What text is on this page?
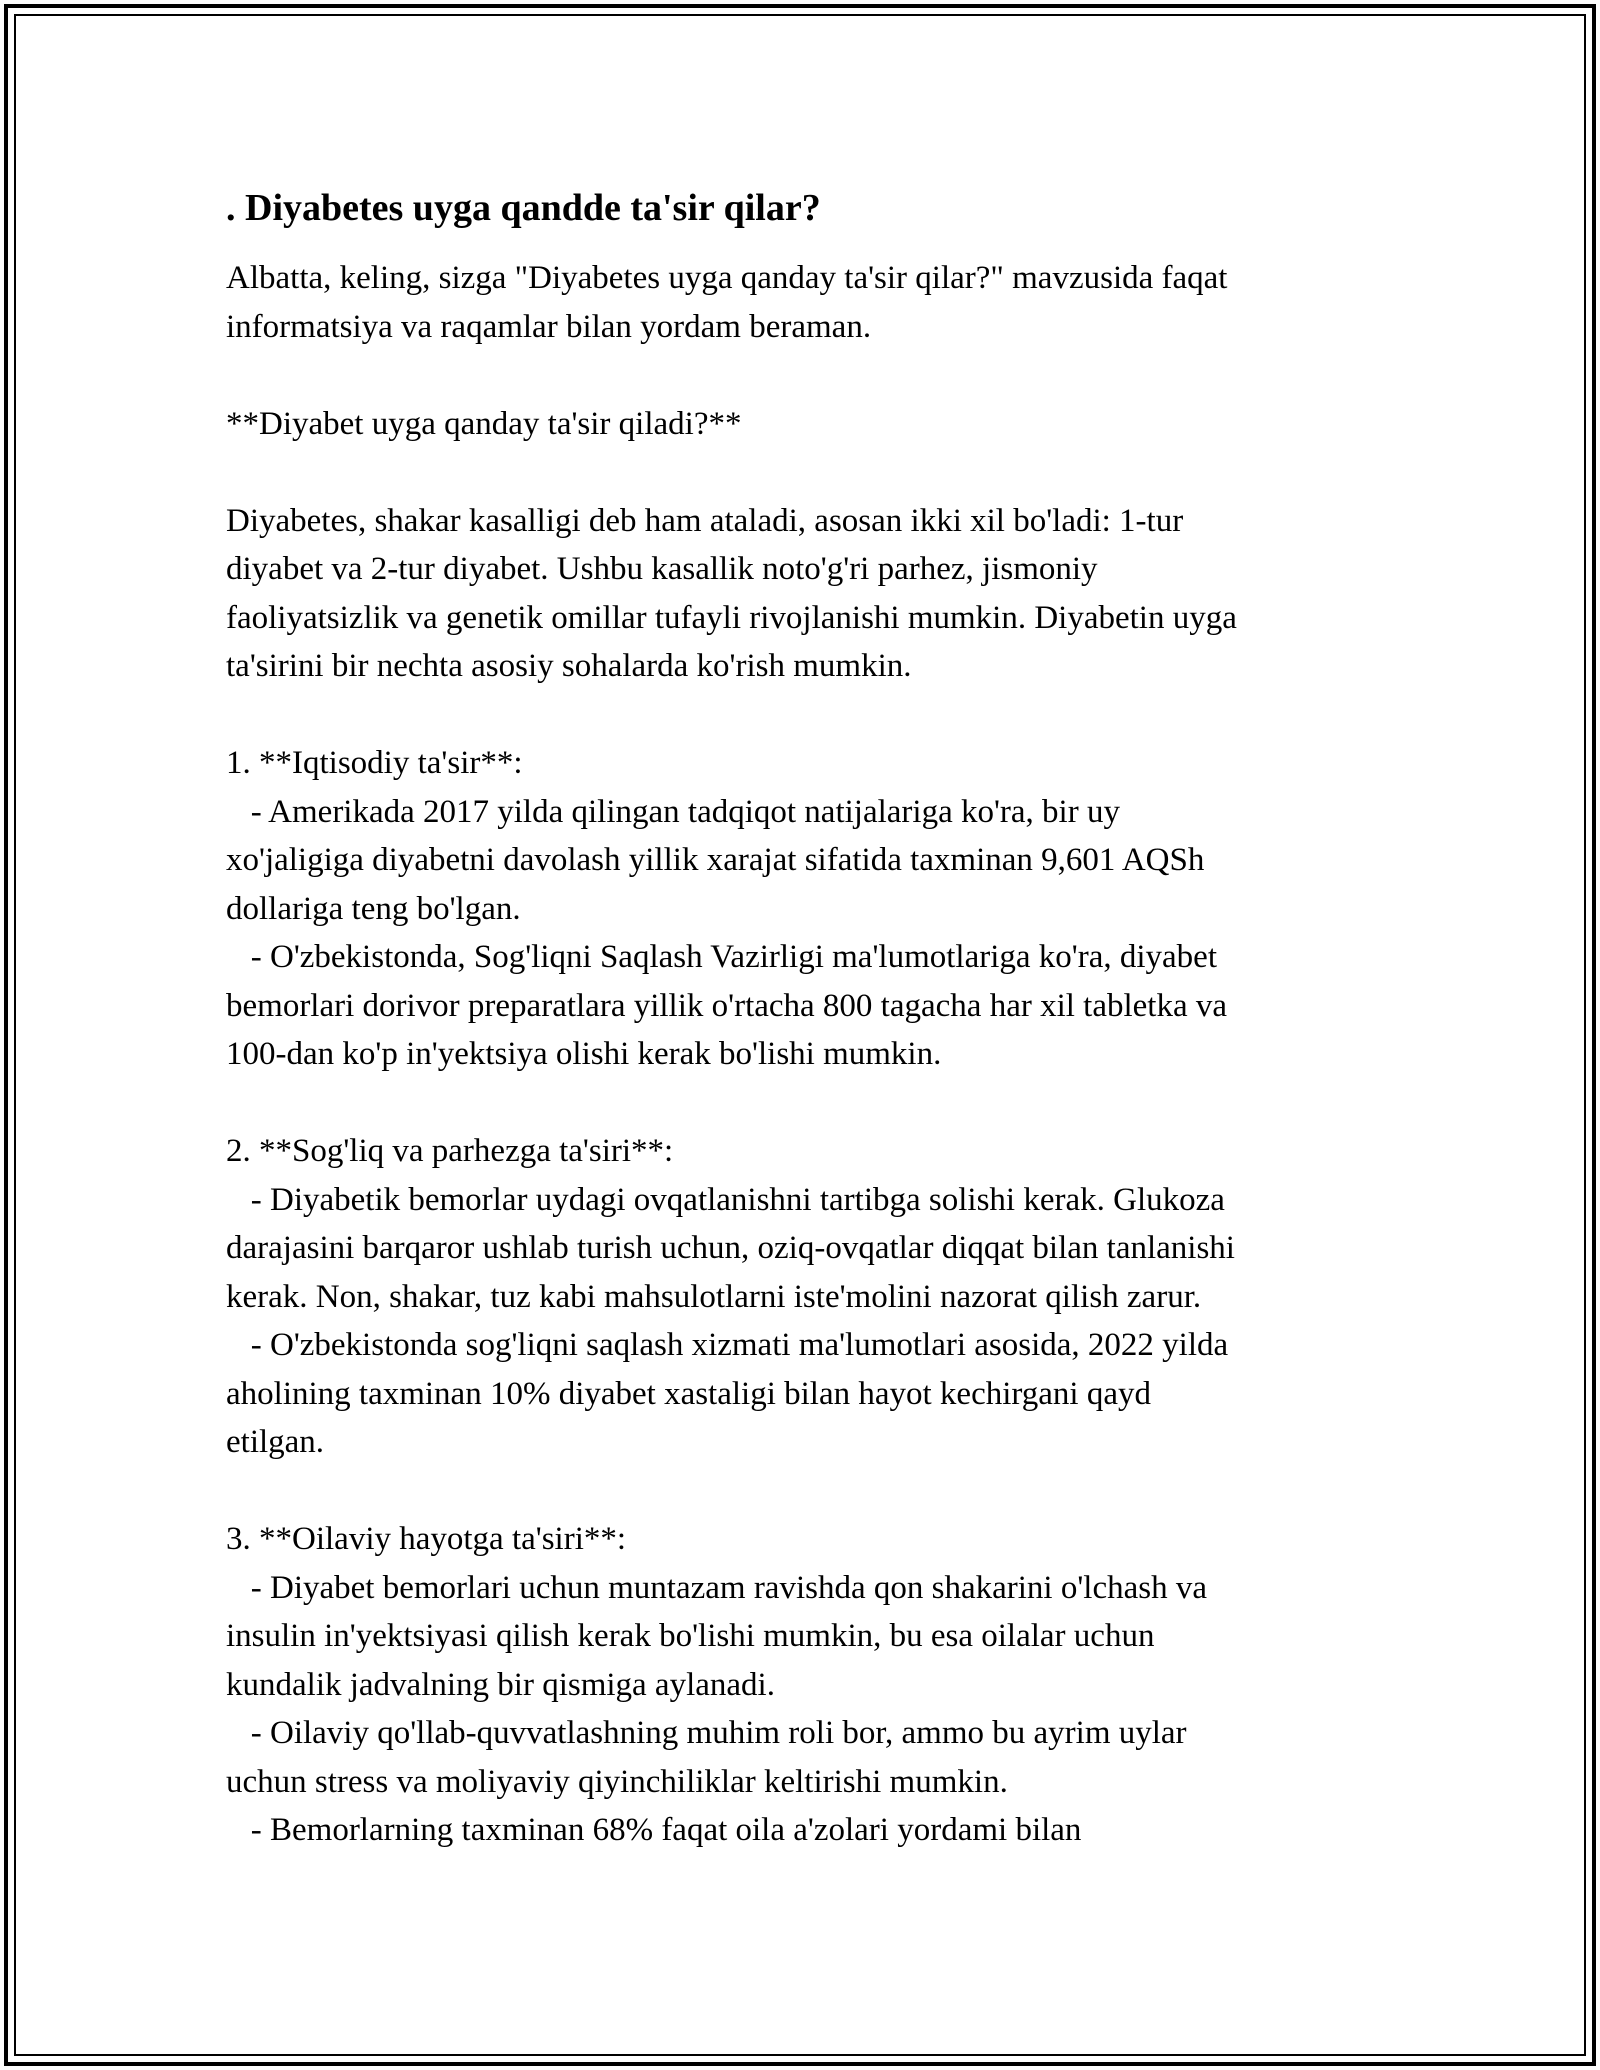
. Diyabetes uyga qandde ta'sir qilar?
Albatta, keling, sizga "Diyabetes uyga qanday ta'sir qilar?" mavzusida faqat
informatsiya va raqamlar bilan yordam beraman.
**Diyabet uyga qanday ta'sir qiladi?**
Diyabetes, shakar kasalligi deb ham ataladi, asosan ikki xil bo'ladi: 1-tur
diyabet va 2-tur diyabet. Ushbu kasallik noto'g'ri parhez, jismoniy
faoliyatsizlik va genetik omillar tufayli rivojlanishi mumkin. Diyabetin uyga
ta'sirini bir nechta asosiy sohalarda ko'rish mumkin.
1. **Iqtisodiy ta'sir**:
- Amerikada 2017 yilda qilingan tadqiqot natijalariga ko'ra, bir uy
xo'jaligiga diyabetni davolash yillik xarajat sifatida taxminan 9,601 AQSh
dollariga teng bo'lgan.
- O'zbekistonda, Sog'liqni Saqlash Vazirligi ma'lumotlariga ko'ra, diyabet
bemorlari dorivor preparatlara yillik o'rtacha 800 tagacha har xil tabletka va
100-dan ko'p in'yektsiya olishi kerak bo'lishi mumkin.
2. **Sog'liq va parhezga ta'siri**:
- Diyabetik bemorlar uydagi ovqatlanishni tartibga solishi kerak. Glukoza
darajasini barqaror ushlab turish uchun, oziq-ovqatlar diqqat bilan tanlanishi
kerak. Non, shakar, tuz kabi mahsulotlarni iste'molini nazorat qilish zarur.
- O'zbekistonda sog'liqni saqlash xizmati ma'lumotlari asosida, 2022 yilda
aholining taxminan 10% diyabet xastaligi bilan hayot kechirgani qayd
etilgan.
3. **Oilaviy hayotga ta'siri**:
- Diyabet bemorlari uchun muntazam ravishda qon shakarini o'lchash va
insulin in'yektsiyasi qilish kerak bo'lishi mumkin, bu esa oilalar uchun
kundalik jadvalning bir qismiga aylanadi.
- Oilaviy qo'llab-quvvatlashning muhim roli bor, ammo bu ayrim uylar
uchun stress va moliyaviy qiyinchiliklar keltirishi mumkin.
- Bemorlarning taxminan 68% faqat oila a'zolari yordami bilan
